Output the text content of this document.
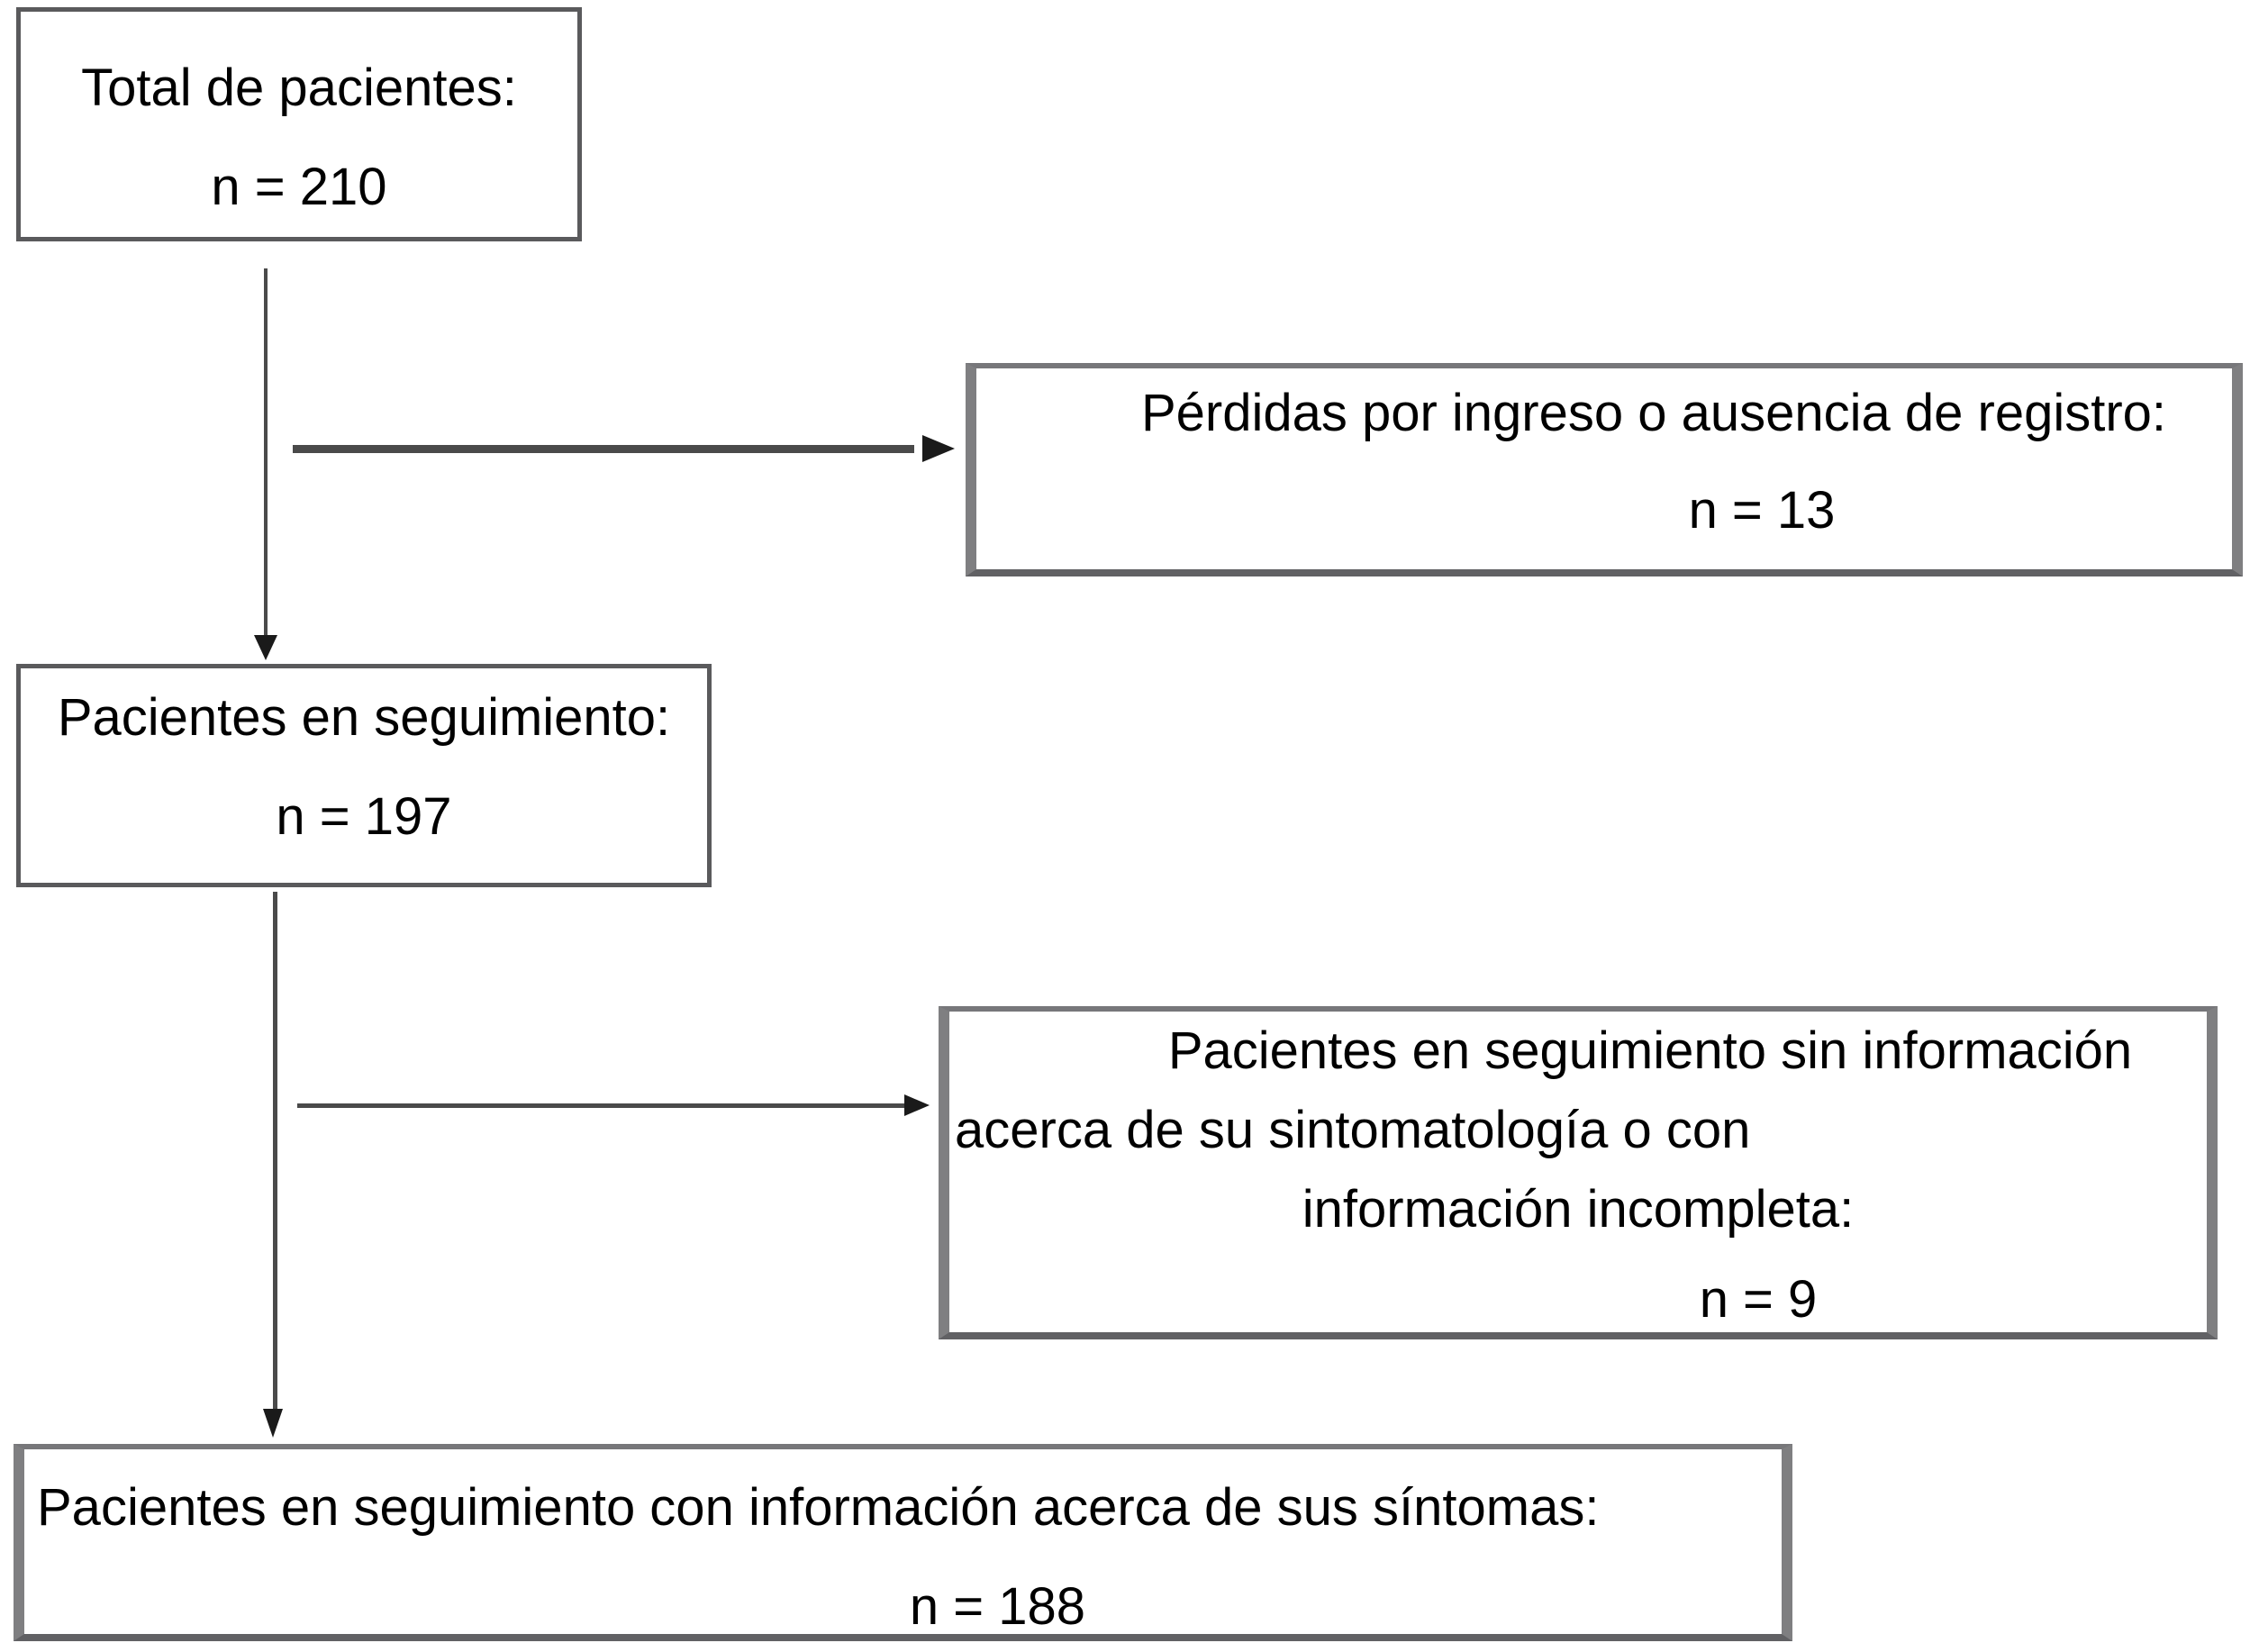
Total de pacientes:
n = 210
Pérdidas por ingreso o ausencia de registro:
n = 13
Pacientes en seguimiento:
n = 197
Pacientes en seguimiento sin información
acerca de su sintomatología o con
información incompleta:
n = 9
Pacientes en seguimiento con información acerca de sus síntomas:
n = 188
